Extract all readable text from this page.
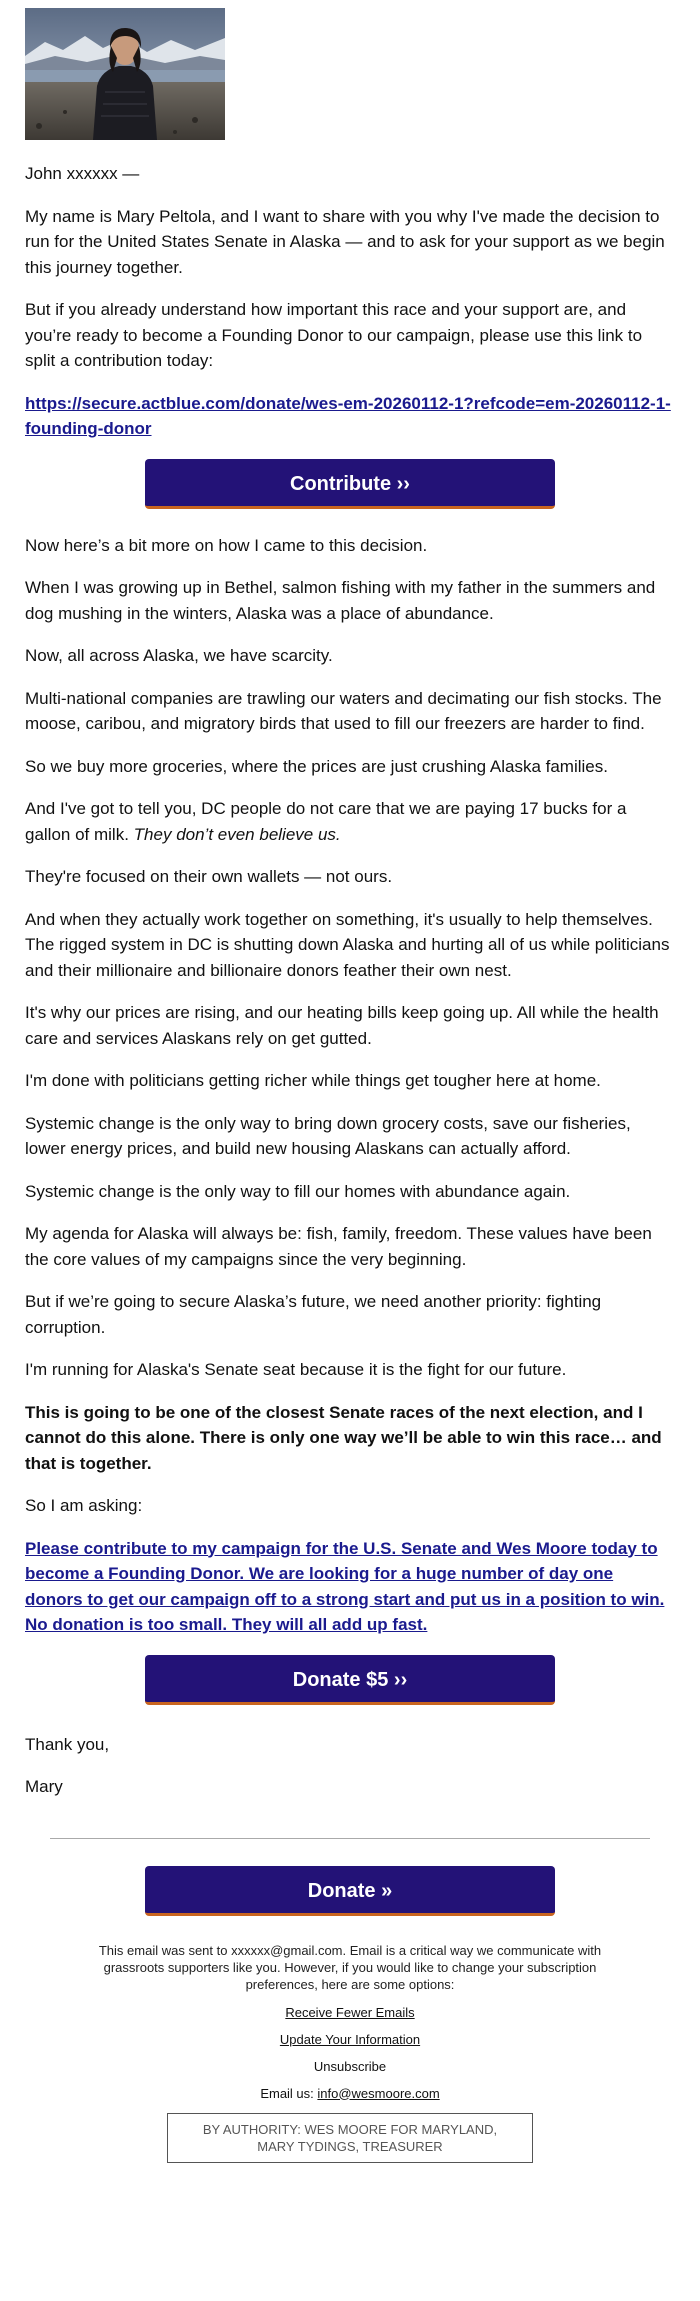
John xxxxxx —

My name is Mary Peltola, and I want to share with you why I've made the decision to run for the United States Senate in Alaska — and to ask for your support as we begin this journey together.

But if you already understand how important this race and your support are, and you’re ready to become a Founding Donor to our campaign, please use this link to split a contribution today:

https://secure.actblue.com/donate/wes-em-20260112-1?refcode=em-20260112-1-founding-donor

Contribute ››

Now here’s a bit more on how I came to this decision.

When I was growing up in Bethel, salmon fishing with my father in the summers and dog mushing in the winters, Alaska was a place of abundance.

Now, all across Alaska, we have scarcity.

Multi-national companies are trawling our waters and decimating our fish stocks. The moose, caribou, and migratory birds that used to fill our freezers are harder to find.

So we buy more groceries, where the prices are just crushing Alaska families.

And I've got to tell you, DC people do not care that we are paying 17 bucks for a gallon of milk. They don’t even believe us.

They're focused on their own wallets — not ours.

And when they actually work together on something, it's usually to help themselves. The rigged system in DC is shutting down Alaska and hurting all of us while politicians and their millionaire and billionaire donors feather their own nest.

It's why our prices are rising, and our heating bills keep going up. All while the health care and services Alaskans rely on get gutted.

I'm done with politicians getting richer while things get tougher here at home.

Systemic change is the only way to bring down grocery costs, save our fisheries, lower energy prices, and build new housing Alaskans can actually afford.

Systemic change is the only way to fill our homes with abundance again.

My agenda for Alaska will always be: fish, family, freedom. These values have been the core values of my campaigns since the very beginning.

But if we’re going to secure Alaska’s future, we need another priority: fighting corruption.

I'm running for Alaska's Senate seat because it is the fight for our future.

This is going to be one of the closest Senate races of the next election, and I cannot do this alone. There is only one way we’ll be able to win this race… and that is together.

So I am asking:

Please contribute to my campaign for the U.S. Senate and Wes Moore today to become a Founding Donor. We are looking for a huge number of day one donors to get our campaign off to a strong start and put us in a position to win. No donation is too small. They will all add up fast.

Donate $5 ››

Thank you,

Mary

Donate »

This email was sent to xxxxxx@gmail.com. Email is a critical way we communicate with grassroots supporters like you. However, if you would like to change your subscription preferences, here are some options:

Receive Fewer Emails
Update Your Information
Unsubscribe
Email us: info@wesmoore.com
BY AUTHORITY: WES MOORE FOR MARYLAND,
MARY TYDINGS, TREASURER
